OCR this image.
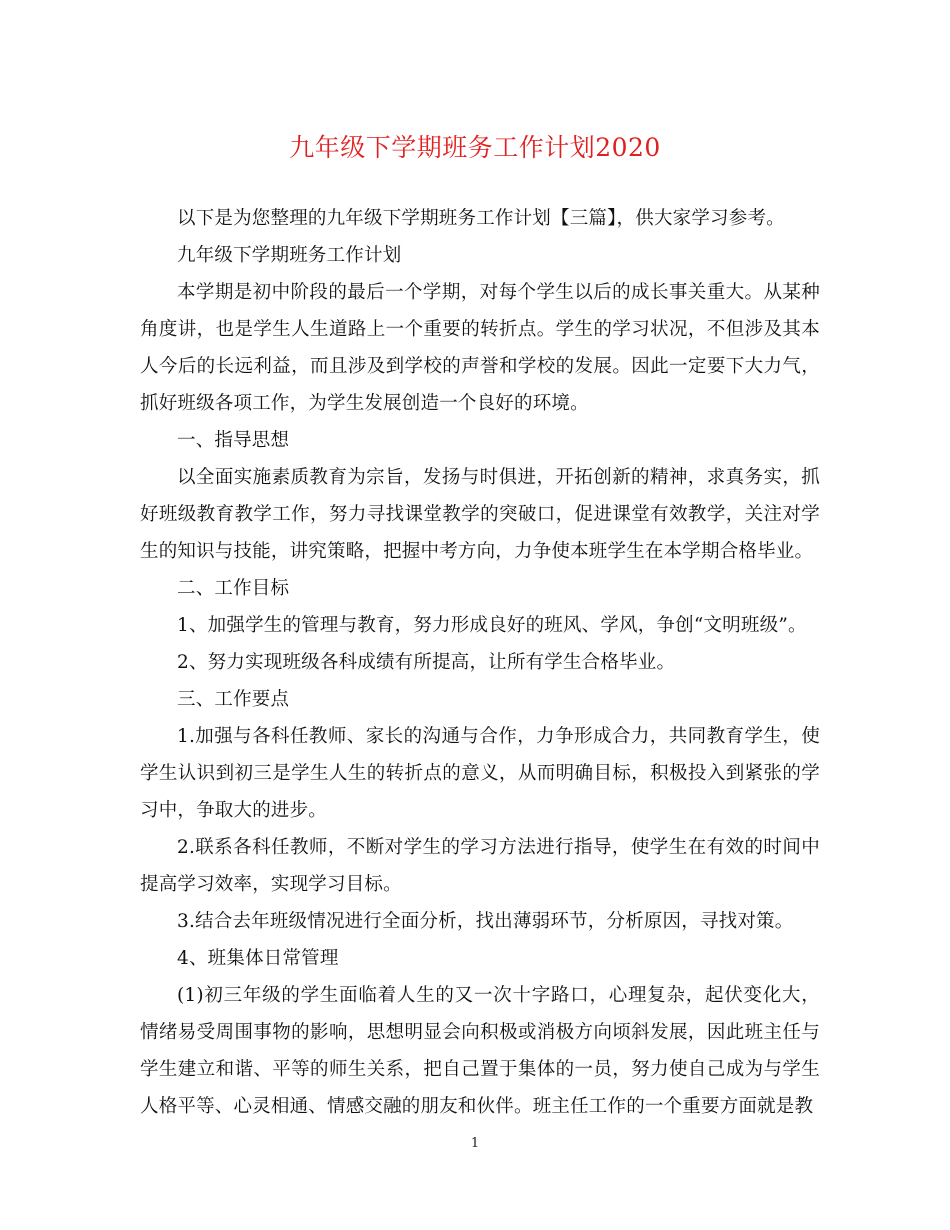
九年级下学期班务工作计划2020

以下是为您整理的九年级下学期班务工作计划【三篇】，供大家学习参考。

九年级下学期班务工作计划

本学期是初中阶段的最后一个学期，对每个学生以后的成长事关重大。从某种角度讲，也是学生人生道路上一个重要的转折点。学生的学习状况，不但涉及其本人今后的长远利益，而且涉及到学校的声誉和学校的发展。因此一定要下大力气，抓好班级各项工作，为学生发展创造一个良好的环境。

一、指导思想

以全面实施素质教育为宗旨，发扬与时俱进，开拓创新的精神，求真务实，抓好班级教育教学工作，努力寻找课堂教学的突破口，促进课堂有效教学，关注对学生的知识与技能，讲究策略，把握中考方向，力争使本班学生在本学期合格毕业。

二、工作目标

1、加强学生的管理与教育，努力形成良好的班风、学风，争创“文明班级”。

2、努力实现班级各科成绩有所提高，让所有学生合格毕业。

三、工作要点

1.加强与各科任教师、家长的沟通与合作，力争形成合力，共同教育学生，使学生认识到初三是学生人生的转折点的意义，从而明确目标，积极投入到紧张的学习中，争取大的进步。

2.联系各科任教师，不断对学生的学习方法进行指导，使学生在有效的时间中提高学习效率，实现学习目标。

3.结合去年班级情况进行全面分析，找出薄弱环节，分析原因，寻找对策。

4、班集体日常管理

(1)初三年级的学生面临着人生的又一次十字路口，心理复杂，起伏变化大，情绪易受周围事物的影响，思想明显会向积极或消极方向顷斜发展，因此班主任与学生建立和谐、平等的师生关系，把自己置于集体的一员，努力使自己成为与学生人格平等、心灵相通、情感交融的朋友和伙伴。班主任工作的一个重要方面就是教

1
